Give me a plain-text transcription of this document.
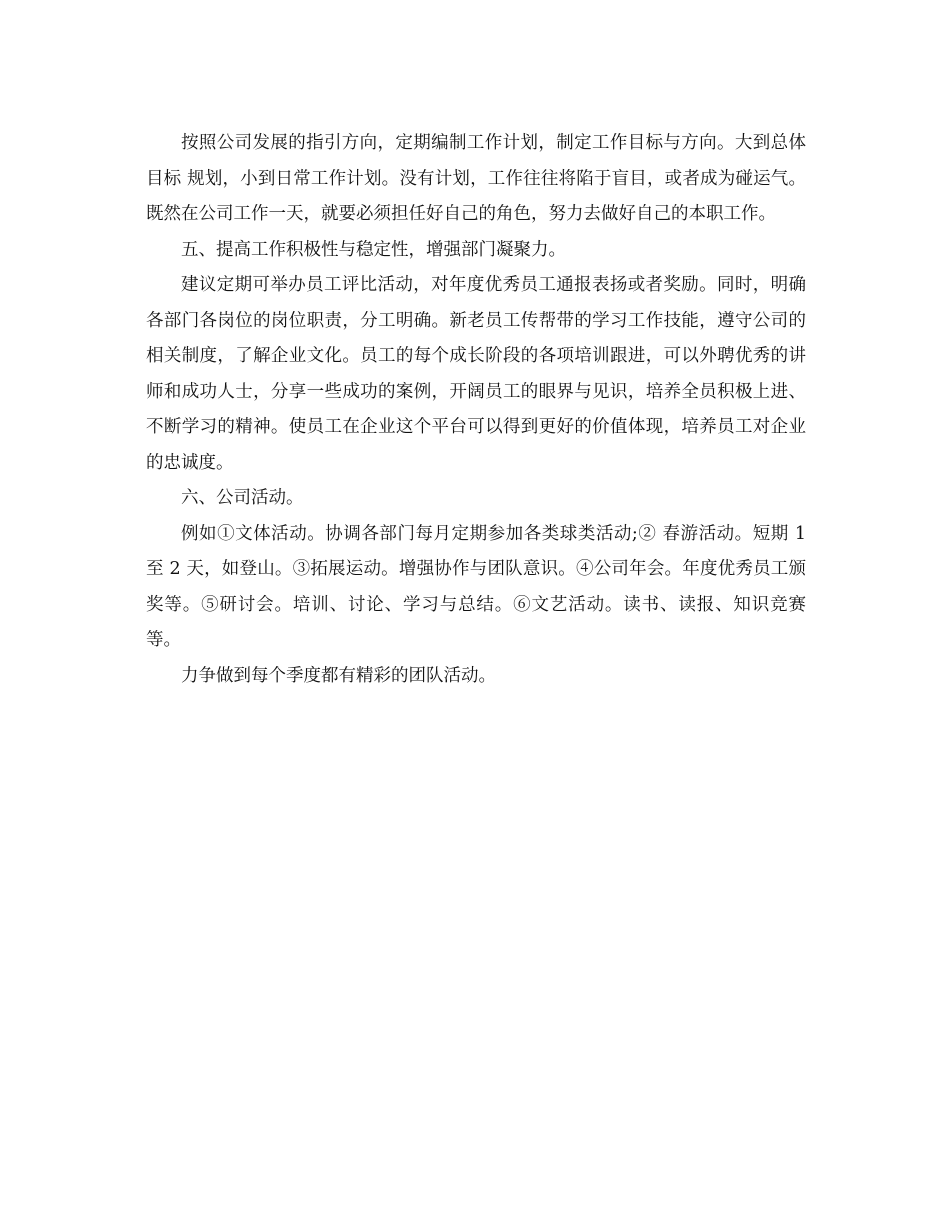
按照公司发展的指引方向，定期编制工作计划，制定工作目标与方向。大到总体目标 规划，小到日常工作计划。没有计划，工作往往将陷于盲目，或者成为碰运气。既然在公司工作一天，就要必须担任好自己的角色，努力去做好自己的本职工作。

五、提高工作积极性与稳定性，增强部门凝聚力。

建议定期可举办员工评比活动，对年度优秀员工通报表扬或者奖励。同时，明确各部门各岗位的岗位职责，分工明确。新老员工传帮带的学习工作技能，遵守公司的相关制度，了解企业文化。员工的每个成长阶段的各项培训跟进，可以外聘优秀的讲师和成功人士，分享一些成功的案例，开阔员工的眼界与见识，培养全员积极上进、不断学习的精神。使员工在企业这个平台可以得到更好的价值体现，培养员工对企业的忠诚度。

六、公司活动。

例如①文体活动。协调各部门每月定期参加各类球类活动;② 春游活动。短期 1 至 2 天，如登山。③拓展运动。增强协作与团队意识。④公司年会。年度优秀员工颁奖等。⑤研讨会。培训、讨论、学习与总结。⑥文艺活动。读书、读报、知识竞赛等。

力争做到每个季度都有精彩的团队活动。
